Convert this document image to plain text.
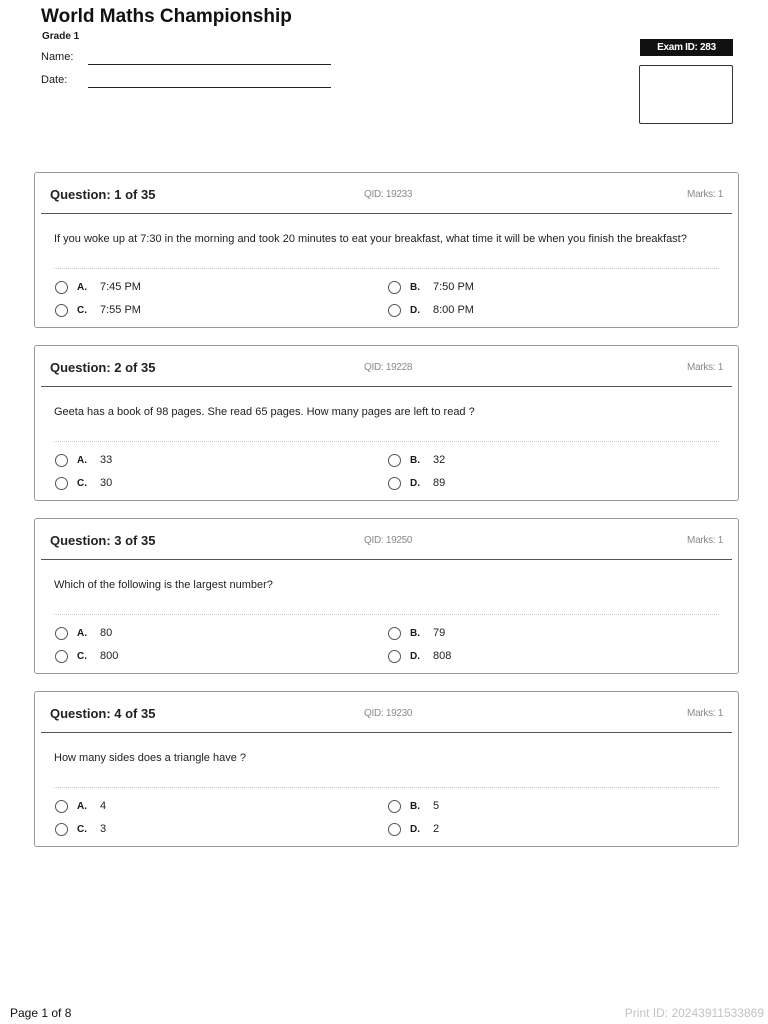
World Maths Championship
Grade 1
Name:
Date:
Exam ID: 283
Question: 1 of 35	QID: 19233	Marks: 1
If you woke up at 7:30 in the morning and took 20 minutes to eat your breakfast, what time it will be when you finish the breakfast?
A.	7:45 PM	B.	7:50 PM
C.	7:55 PM	D.	8:00 PM
Question: 2 of 35	QID: 19228	Marks: 1
Geeta has a book of 98 pages. She read 65 pages. How many pages are left to read ?
A.	33	B.	32
C.	30	D.	89
Question: 3 of 35	QID: 19250	Marks: 1
Which of the following is the largest number?
A.	80	B.	79
C.	800	D.	808
Question: 4 of 35	QID: 19230	Marks: 1
How many sides does a triangle have ?
A.	4	B.	5
C.	3	D.	2
Page 1 of 8	Print ID: 20243911533869
